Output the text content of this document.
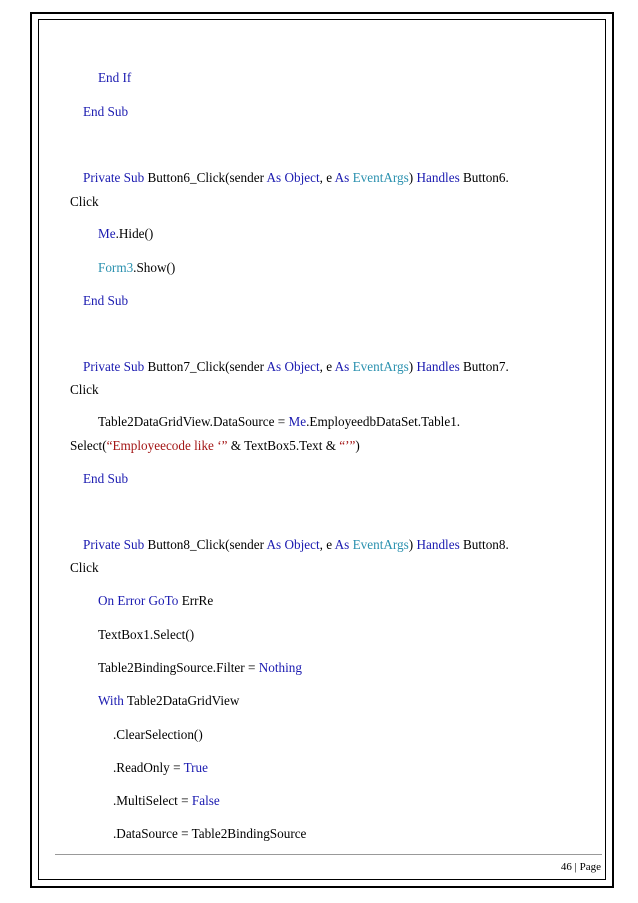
End If
End Sub
Private Sub Button6_Click(sender As Object, e As EventArgs) Handles Button6.
Click
Me.Hide()
Form3.Show()
End Sub
Private Sub Button7_Click(sender As Object, e As EventArgs) Handles Button7.
Click
Table2DataGridView.DataSource = Me.EmployeedbDataSet.Table1.
Select(“Employeecode like ‘” & TextBox5.Text & “’”)
End Sub
Private Sub Button8_Click(sender As Object, e As EventArgs) Handles Button8.
Click
On Error GoTo ErrRe
TextBox1.Select()
Table2BindingSource.Filter = Nothing
With Table2DataGridView
.ClearSelection()
.ReadOnly = True
.MultiSelect = False
.DataSource = Table2BindingSource
46 | Page
